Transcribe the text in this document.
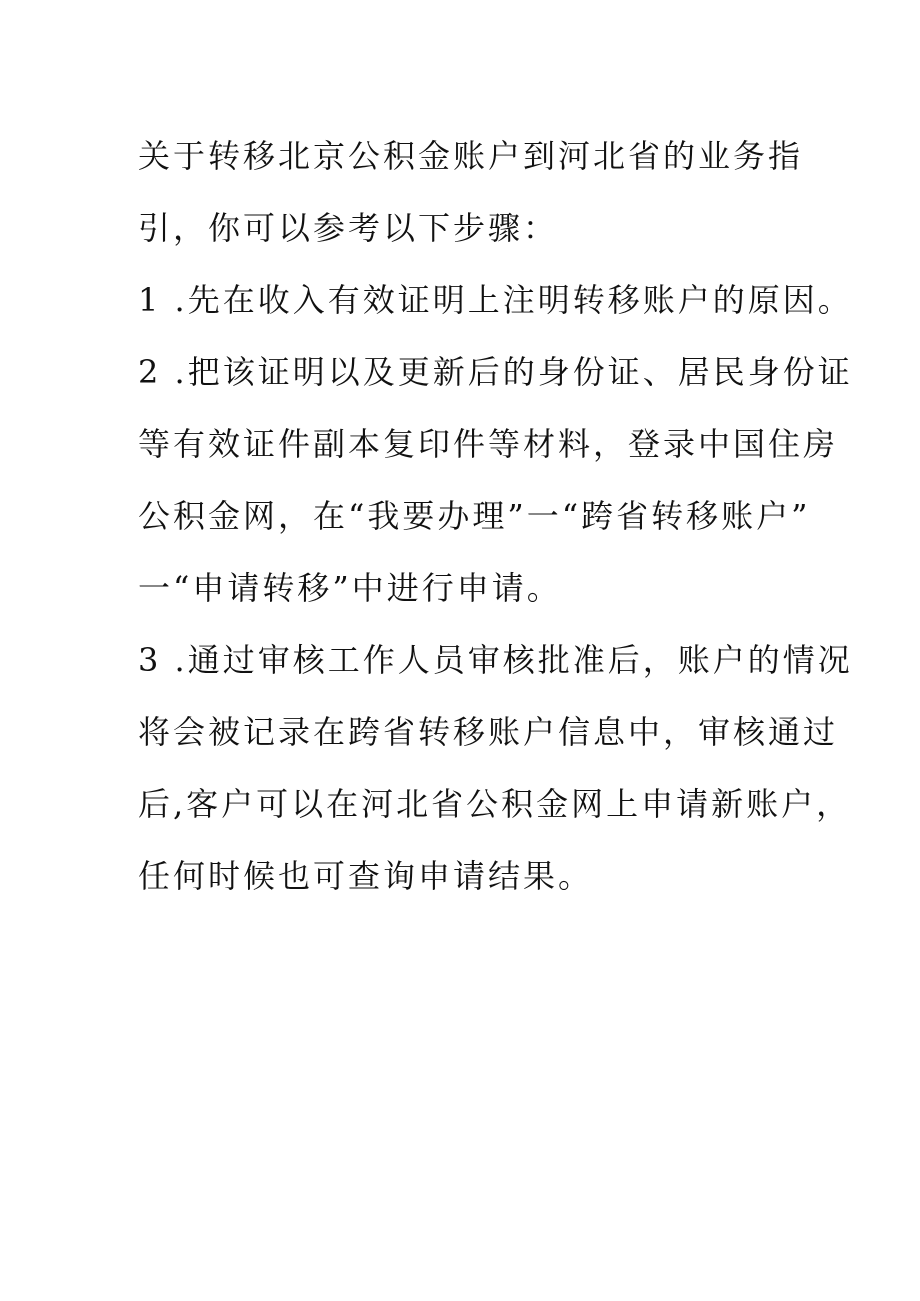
关于转移北京公积金账户到河北省的业务指
引，你可以参考以下步骤：
1 .先在收入有效证明上注明转移账户的原因。
2 .把该证明以及更新后的身份证、居民身份证
等有效证件副本复印件等材料，登录中国住房
公积金网，在“我要办理”一“跨省转移账户”
一“申请转移”中进行申请。
3 .通过审核工作人员审核批准后，账户的情况
将会被记录在跨省转移账户信息中，审核通过
后,客户可以在河北省公积金网上申请新账户，
任何时候也可查询申请结果。
